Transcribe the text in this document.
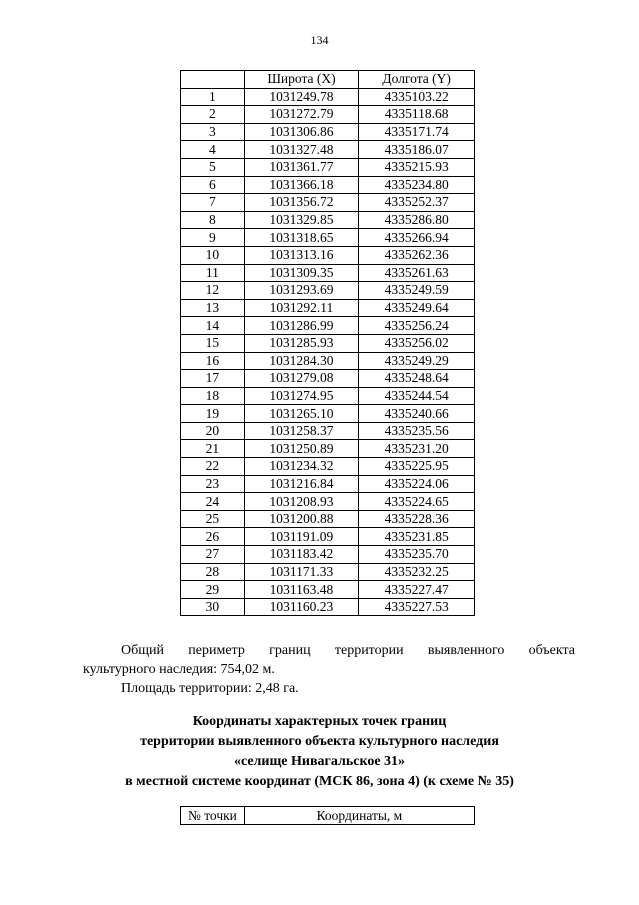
134
	Широта (X)	Долгота (Y)
1	1031249.78	4335103.22
2	1031272.79	4335118.68
3	1031306.86	4335171.74
4	1031327.48	4335186.07
5	1031361.77	4335215.93
6	1031366.18	4335234.80
7	1031356.72	4335252.37
8	1031329.85	4335286.80
9	1031318.65	4335266.94
10	1031313.16	4335262.36
11	1031309.35	4335261.63
12	1031293.69	4335249.59
13	1031292.11	4335249.64
14	1031286.99	4335256.24
15	1031285.93	4335256.02
16	1031284.30	4335249.29
17	1031279.08	4335248.64
18	1031274.95	4335244.54
19	1031265.10	4335240.66
20	1031258.37	4335235.56
21	1031250.89	4335231.20
22	1031234.32	4335225.95
23	1031216.84	4335224.06
24	1031208.93	4335224.65
25	1031200.88	4335228.36
26	1031191.09	4335231.85
27	1031183.42	4335235.70
28	1031171.33	4335232.25
29	1031163.48	4335227.47
30	1031160.23	4335227.53
Общий периметр границ территории выявленного объекта
культурного наследия: 754,02 м.
Площадь территории: 2,48 га.
Координаты характерных точек границ
территории выявленного объекта культурного наследия
«селище Нивагальское 31»
в местной системе координат (МСК 86, зона 4) (к схеме № 35)
№ точки	Координаты, м
